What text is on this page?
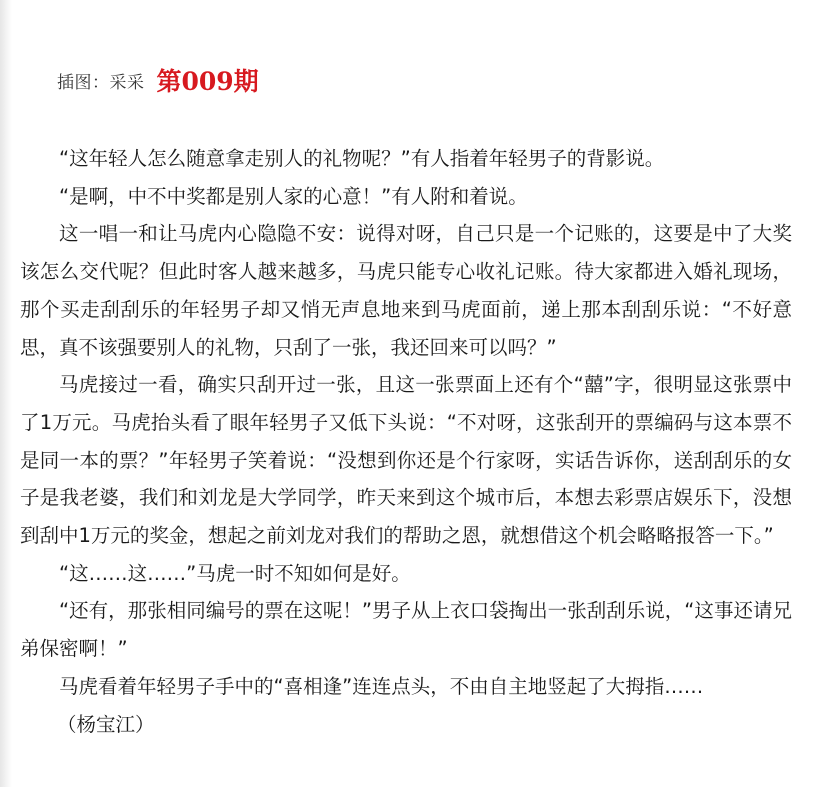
插图：采采 第009期

“这年轻人怎么随意拿走别人的礼物呢？”有人指着年轻男子的背影说。

“是啊，中不中奖都是别人家的心意！”有人附和着说。

这一唱一和让马虎内心隐隐不安：说得对呀，自己只是一个记账的，这要是中了大奖该怎么交代呢？但此时客人越来越多，马虎只能专心收礼记账。待大家都进入婚礼现场，那个买走刮刮乐的年轻男子却又悄无声息地来到马虎面前，递上那本刮刮乐说：“不好意思，真不该强要别人的礼物，只刮了一张，我还回来可以吗？”

马虎接过一看，确实只刮开过一张，且这一张票面上还有个“囍”字，很明显这张票中了1万元。马虎抬头看了眼年轻男子又低下头说：“不对呀，这张刮开的票编码与这本票不是同一本的票？”年轻男子笑着说：“没想到你还是个行家呀，实话告诉你，送刮刮乐的女子是我老婆，我们和刘龙是大学同学，昨天来到这个城市后，本想去彩票店娱乐下，没想到刮中1万元的奖金，想起之前刘龙对我们的帮助之恩，就想借这个机会略略报答一下。”

“这……这……”马虎一时不知如何是好。

“还有，那张相同编号的票在这呢！”男子从上衣口袋掏出一张刮刮乐说，“这事还请兄弟保密啊！”

马虎看着年轻男子手中的“喜相逢”连连点头，不由自主地竖起了大拇指……

（杨宝江）
